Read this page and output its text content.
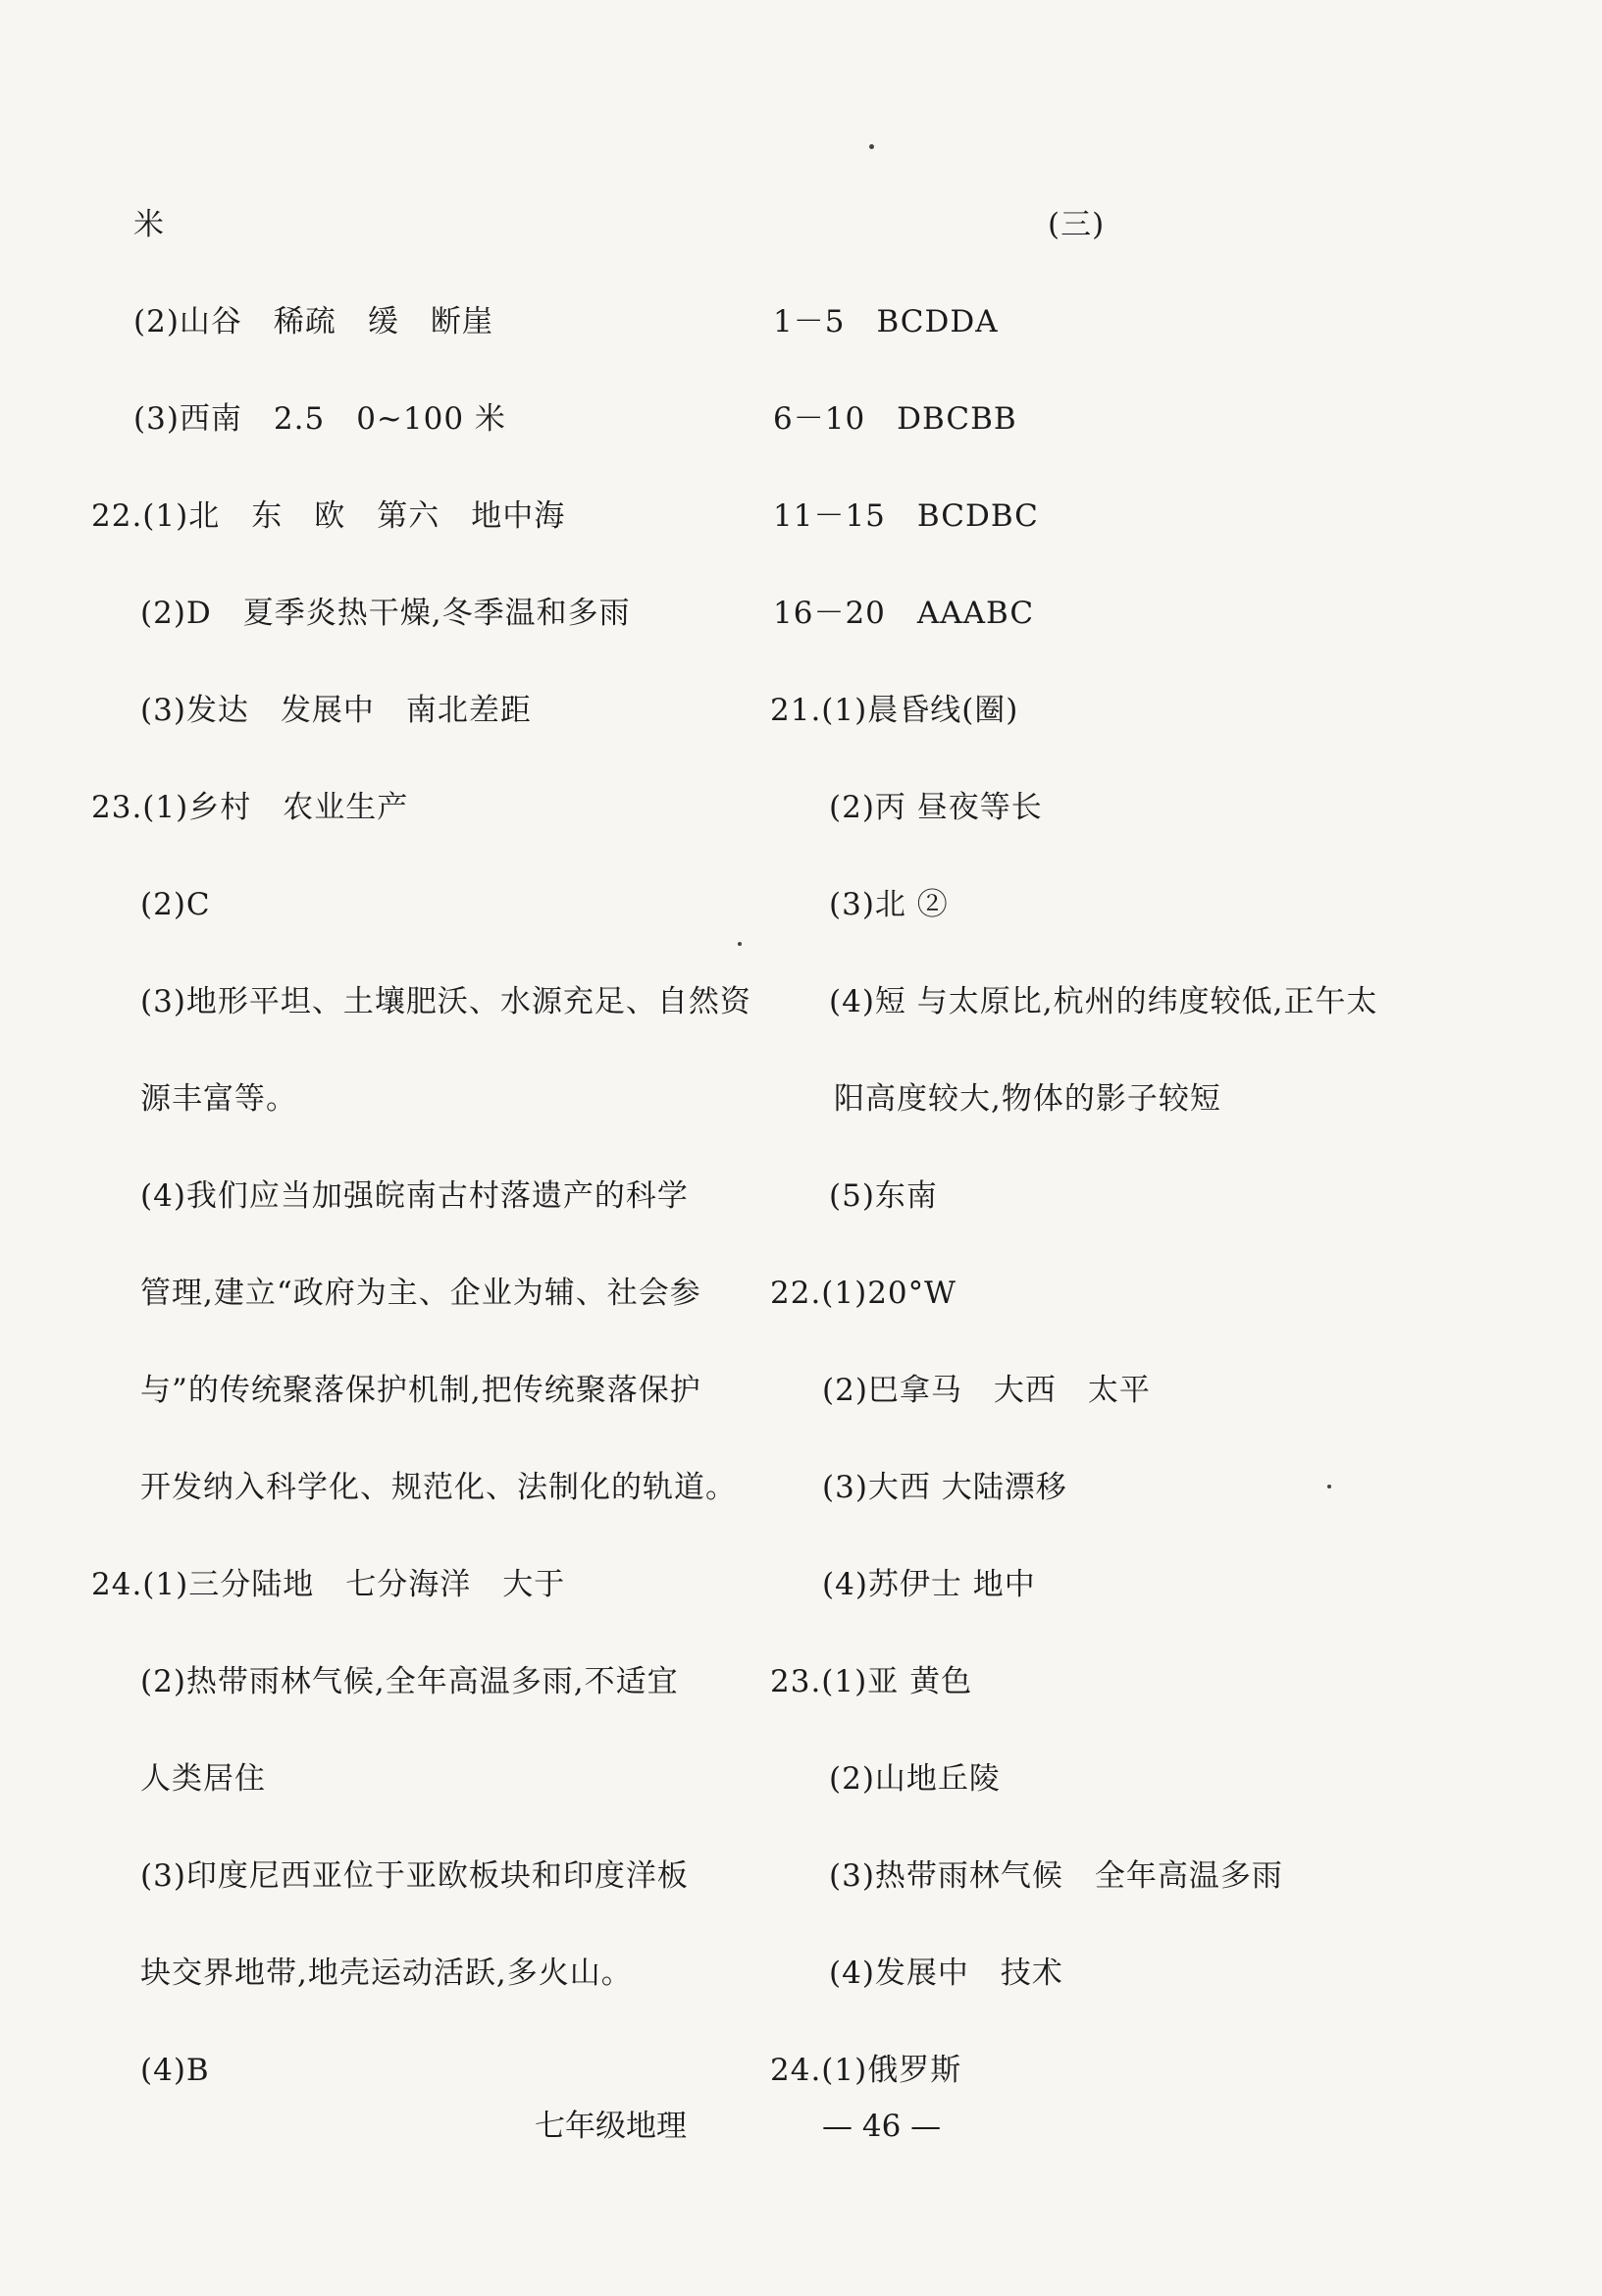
米
(2)山谷　稀疏　缓　断崖
(3)西南　2.5　0~100 米
22.(1)北　东　欧　第六　地中海
(2)D　夏季炎热干燥,冬季温和多雨
(3)发达　发展中　南北差距
23.(1)乡村　农业生产
(2)C
(3)地形平坦、土壤肥沃、水源充足、自然资
源丰富等。
(4)我们应当加强皖南古村落遗产的科学
管理,建立“政府为主、企业为辅、社会参
与”的传统聚落保护机制,把传统聚落保护
开发纳入科学化、规范化、法制化的轨道。
24.(1)三分陆地　七分海洋　大于
(2)热带雨林气候,全年高温多雨,不适宜
人类居住
(3)印度尼西亚位于亚欧板块和印度洋板
块交界地带,地壳运动活跃,多火山。
(4)B
(三)
1－5　BCDDA
6－10　DBCBB
11－15　BCDBC
16－20　AAABC
21.(1)晨昏线(圈)
(2)丙 昼夜等长
(3)北 ②
(4)短 与太原比,杭州的纬度较低,正午太
阳高度较大,物体的影子较短
(5)东南
22.(1)20°W
(2)巴拿马　大西　太平
(3)大西 大陆漂移
(4)苏伊士 地中
23.(1)亚 黄色
(2)山地丘陵
(3)热带雨林气候　全年高温多雨
(4)发展中　技术
24.(1)俄罗斯
七年级地理	— 46 —
